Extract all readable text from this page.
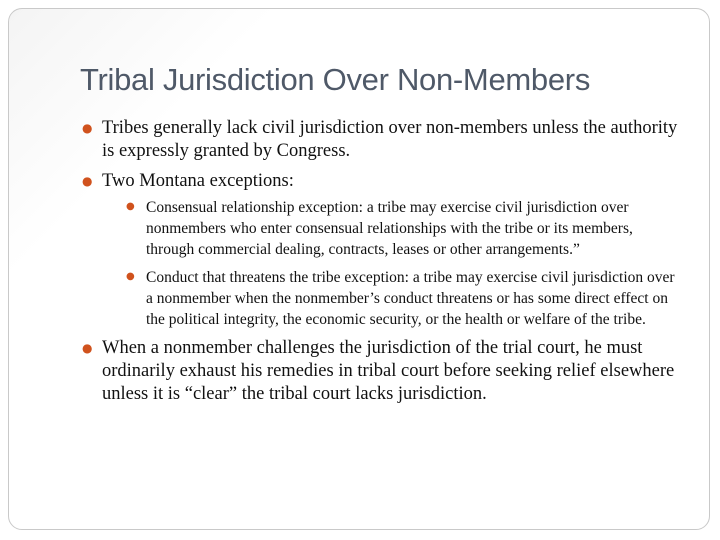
Tribal Jurisdiction Over Non-Members
● Tribes generally lack civil jurisdiction over non-members unless the authority is expressly granted by Congress.
● Two Montana exceptions:
● Consensual relationship exception: a tribe may exercise civil jurisdiction over nonmembers who enter consensual relationships with the tribe or its members, through commercial dealing, contracts, leases or other arrangements.”
● Conduct that threatens the tribe exception: a tribe may exercise civil jurisdiction over a nonmember when the nonmember’s conduct threatens or has some direct effect on the political integrity, the economic security, or the health or welfare of the tribe.
● When a nonmember challenges the jurisdiction of the trial court, he must ordinarily exhaust his remedies in tribal court before seeking relief elsewhere unless it is “clear” the tribal court lacks jurisdiction.
